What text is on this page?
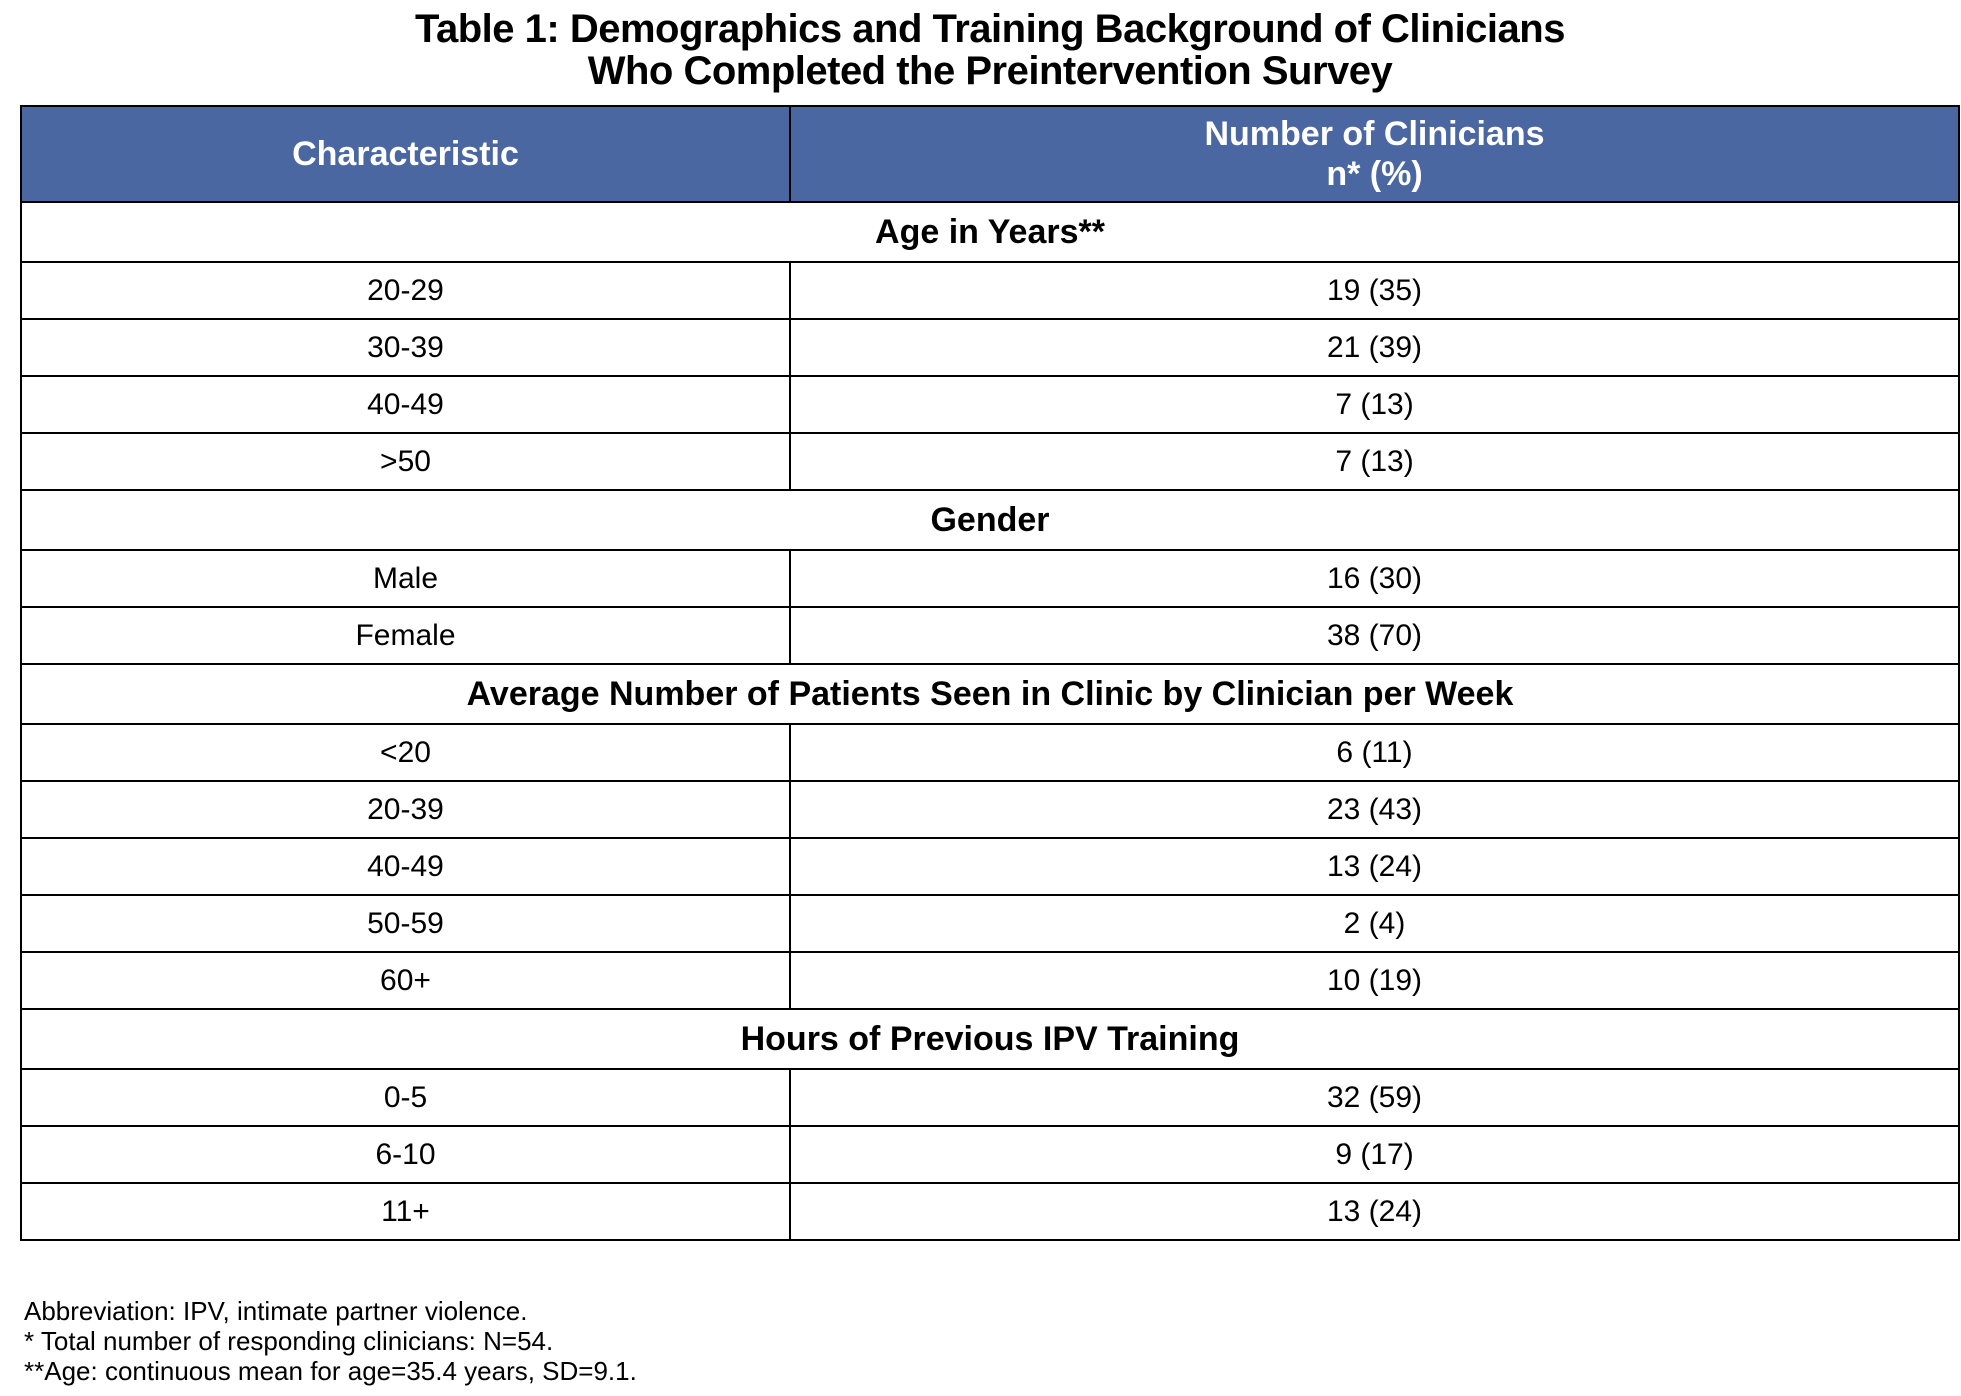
Table 1: Demographics and Training Background of Clinicians
Who Completed the Preintervention Survey
Characteristic	Number of Clinicians
n* (%)

Age in Years**	
20-29	19 (35)
30-39	21 (39)
40-49	7 (13)
>50	7 (13)
Gender	
Male	16 (30)
Female	38 (70)
Average Number of Patients Seen in Clinic by Clinician per Week	
<20	6 (11)
20-39	23 (43)
40-49	13 (24)
50-59	2 (4)
60+	10 (19)
Hours of Previous IPV Training	
0-5	32 (59)
6-10	9 (17)
11+	13 (24)
Abbreviation: IPV, intimate partner violence.
* Total number of responding clinicians: N=54.
**Age: continuous mean for age=35.4 years, SD=9.1.
